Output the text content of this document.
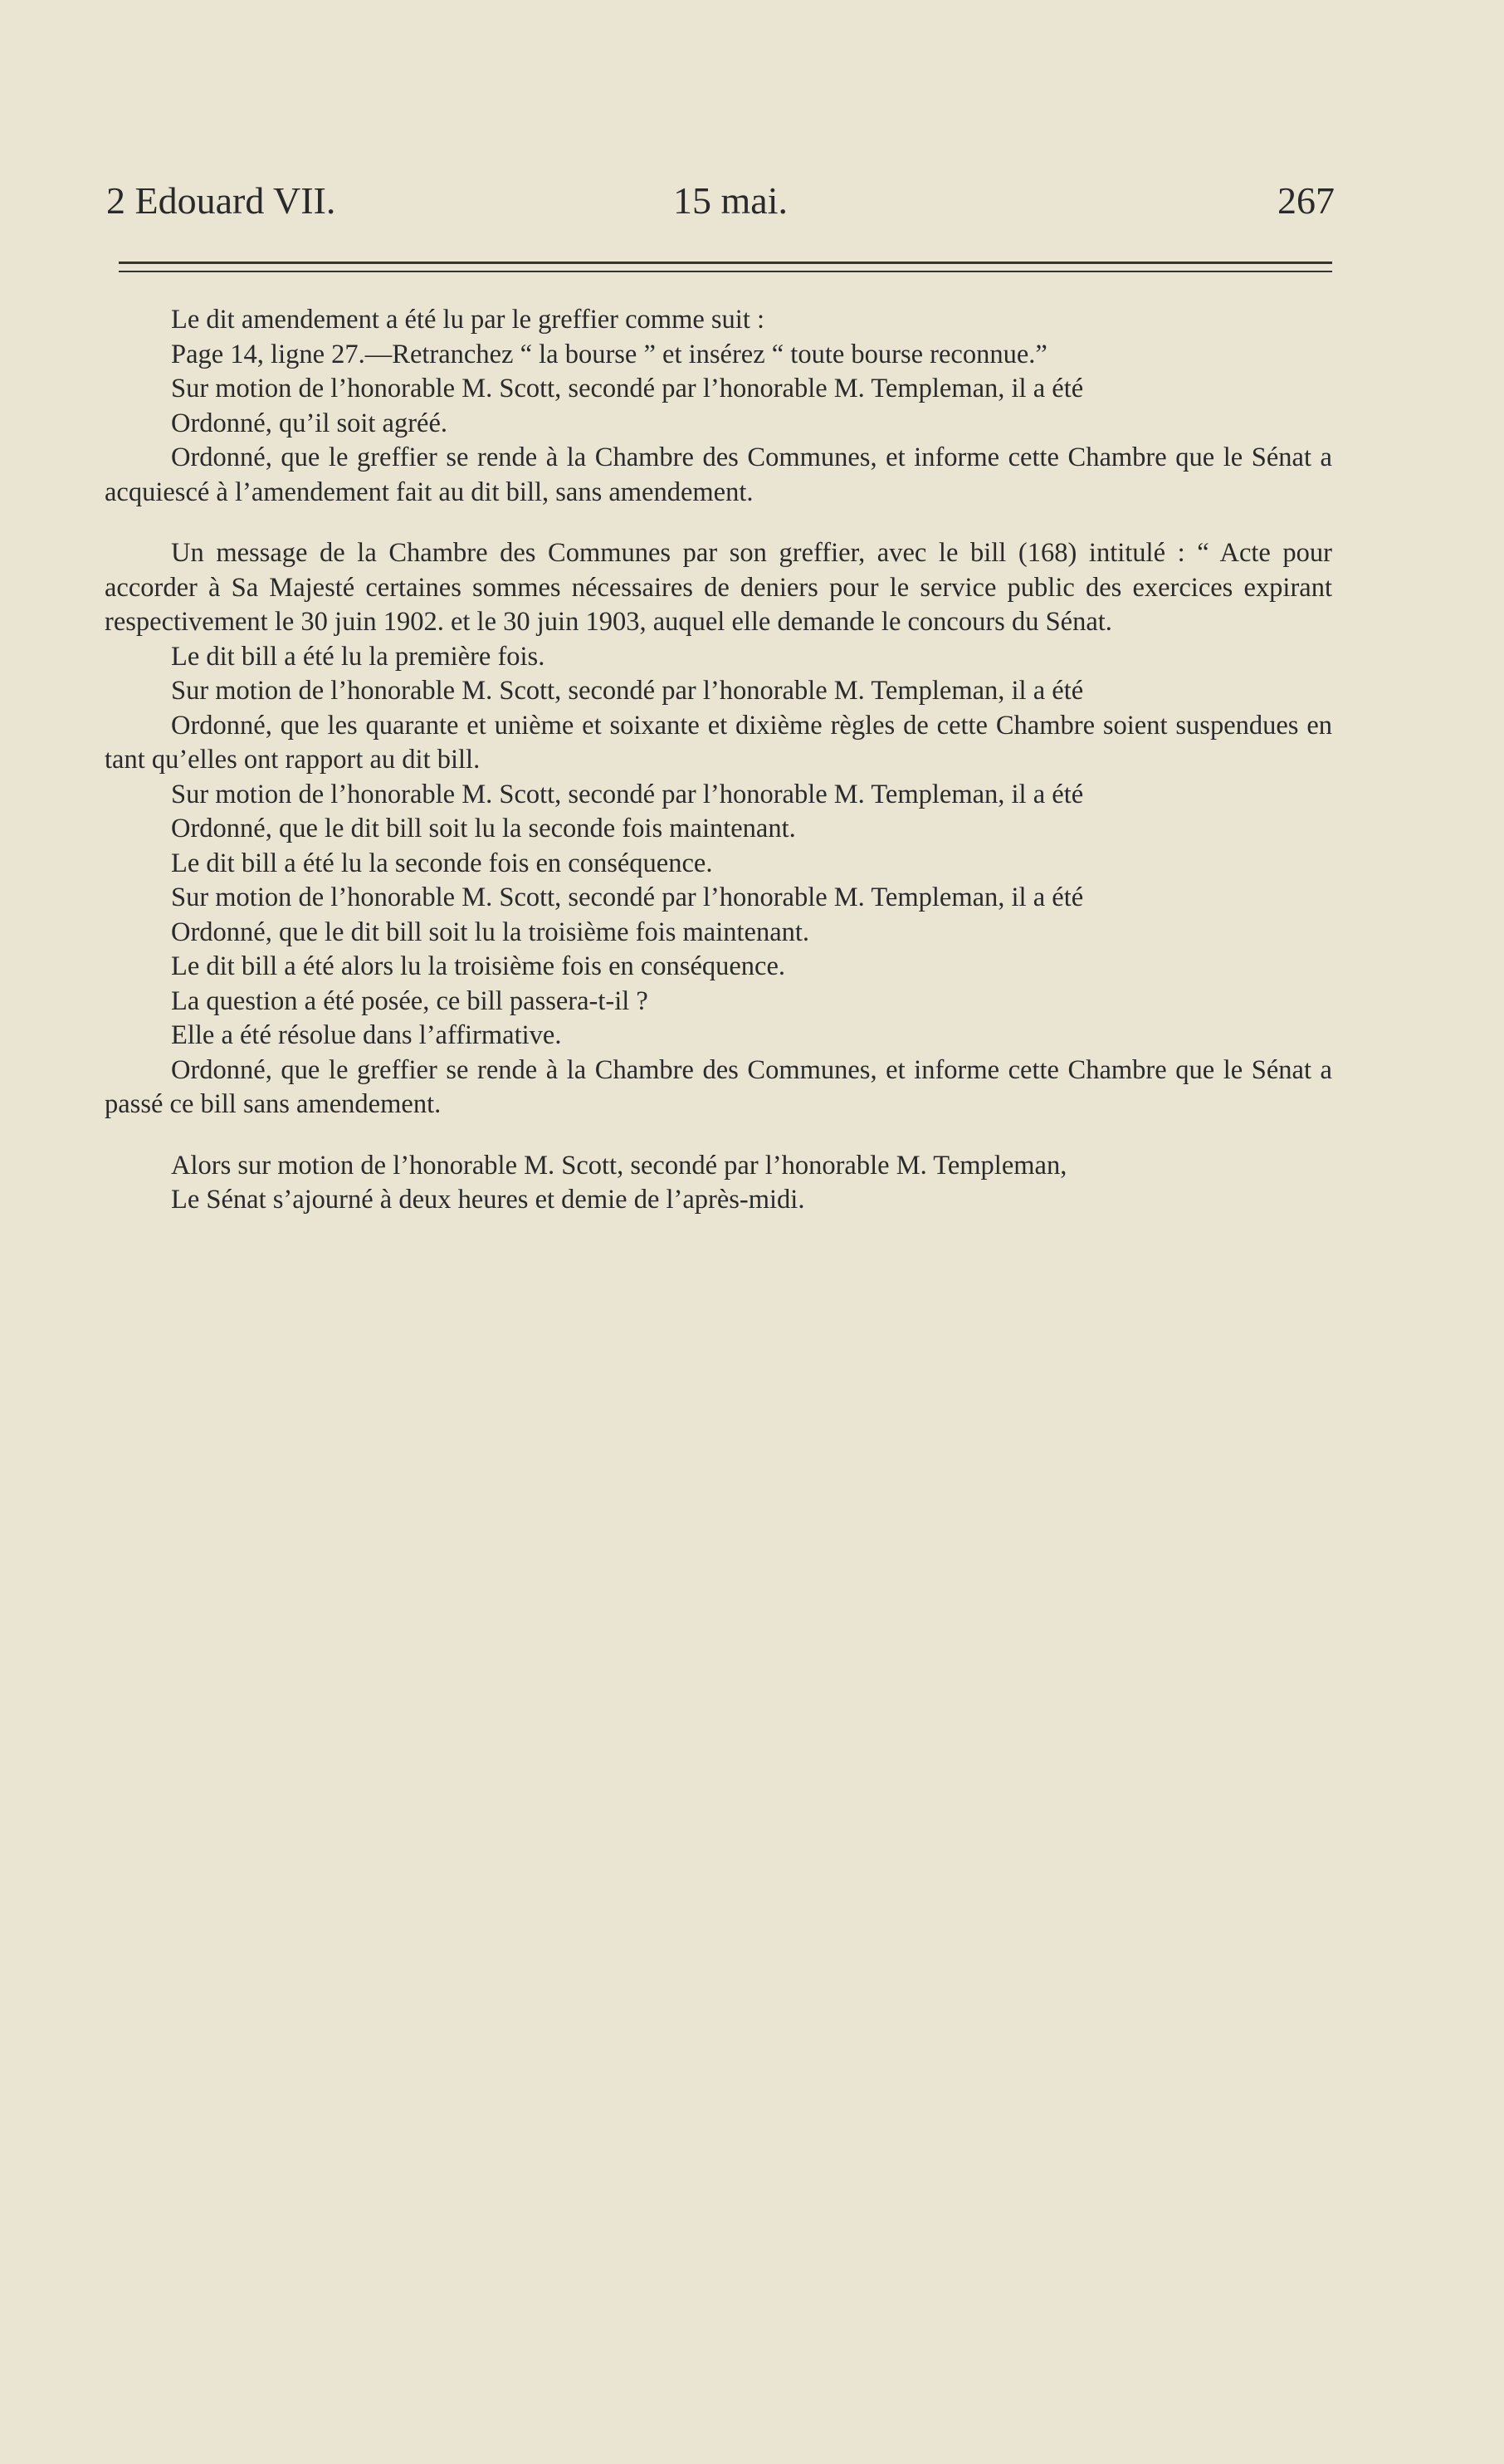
2 Edouard VII.	15 mai.	267

Le dit amendement a été lu par le greffier comme suit :

Page 14, ligne 27.—Retranchez “ la bourse ” et insérez “ toute bourse reconnue.”

Sur motion de l’honorable M. Scott, secondé par l’honorable M. Templeman, il a été

Ordonné, qu’il soit agréé.

Ordonné, que le greffier se rende à la Chambre des Communes, et informe cette Chambre que le Sénat a acquiescé à l’amendement fait au dit bill, sans amendement.

Un message de la Chambre des Communes par son greffier, avec le bill (168) intitulé : “ Acte pour accorder à Sa Majesté certaines sommes nécessaires de deniers pour le service public des exercices expirant respectivement le 30 juin 1902. et le 30 juin 1903, auquel elle demande le concours du Sénat.

Le dit bill a été lu la première fois.

Sur motion de l’honorable M. Scott, secondé par l’honorable M. Templeman, il a été

Ordonné, que les quarante et unième et soixante et dixième règles de cette Chambre soient suspendues en tant qu’elles ont rapport au dit bill.

Sur motion de l’honorable M. Scott, secondé par l’honorable M. Templeman, il a été

Ordonné, que le dit bill soit lu la seconde fois maintenant.

Le dit bill a été lu la seconde fois en conséquence.

Sur motion de l’honorable M. Scott, secondé par l’honorable M. Templeman, il a été

Ordonné, que le dit bill soit lu la troisième fois maintenant.

Le dit bill a été alors lu la troisième fois en conséquence.

La question a été posée, ce bill passera-t-il ?

Elle a été résolue dans l’affirmative.

Ordonné, que le greffier se rende à la Chambre des Communes, et informe cette Chambre que le Sénat a passé ce bill sans amendement.

Alors sur motion de l’honorable M. Scott, secondé par l’honorable M. Templeman,

Le Sénat s’ajourné à deux heures et demie de l’après-midi.
